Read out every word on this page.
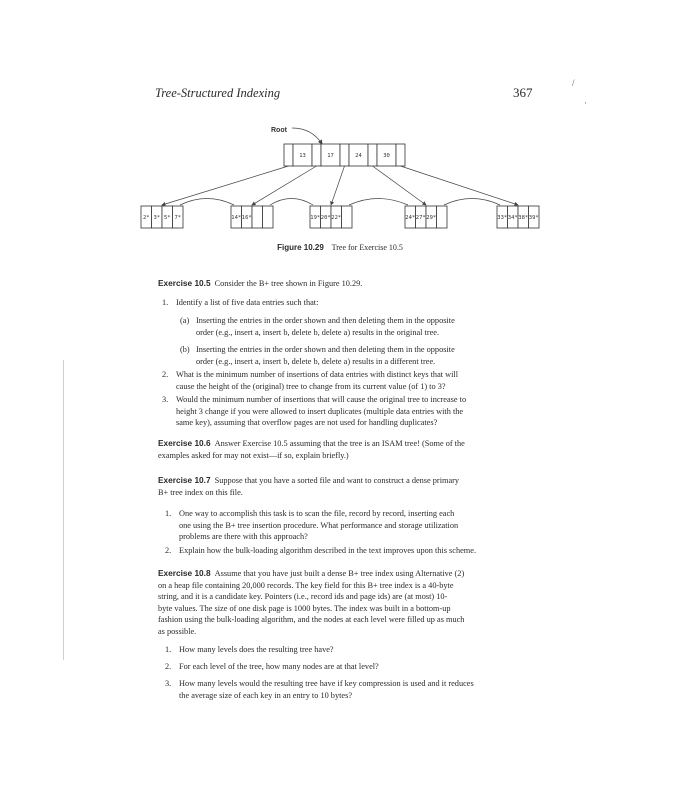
/
·
Tree-Structured Indexing	367
Root
13	17	24	30
2* 3* 5* 7*	14* 16*	19* 20* 22*	24* 27* 29*	33* 34* 38* 39*
Figure 10.29 Tree for Exercise 10.5

Exercise 10.5 Consider the B+ tree shown in Figure 10.29.

1. Identify a list of five data entries such that:
(a) Inserting the entries in the order shown and then deleting them in the opposite
order (e.g., insert a, insert b, delete b, delete a) results in the original tree.
(b) Inserting the entries in the order shown and then deleting them in the opposite
order (e.g., insert a, insert b, delete b, delete a) results in a different tree.
2. What is the minimum number of insertions of data entries with distinct keys that will
cause the height of the (original) tree to change from its current value (of 1) to 3?
3. Would the minimum number of insertions that will cause the original tree to increase to
height 3 change if you were allowed to insert duplicates (multiple data entries with the
same key), assuming that overflow pages are not used for handling duplicates?

Exercise 10.6 Answer Exercise 10.5 assuming that the tree is an ISAM tree! (Some of the

examples asked for may not exist—if so, explain briefly.)

Exercise 10.7 Suppose that you have a sorted file and want to construct a dense primary

B+ tree index on this file.

1. One way to accomplish this task is to scan the file, record by record, inserting each
one using the B+ tree insertion procedure. What performance and storage utilization
problems are there with this approach?
2. Explain how the bulk-loading algorithm described in the text improves upon this scheme.

Exercise 10.8 Assume that you have just built a dense B+ tree index using Alternative (2)

on a heap file containing 20,000 records. The key field for this B+ tree index is a 40-byte

string, and it is a candidate key. Pointers (i.e., record ids and page ids) are (at most) 10-

byte values. The size of one disk page is 1000 bytes. The index was built in a bottom-up

fashion using the bulk-loading algorithm, and the nodes at each level were filled up as much

as possible.

1. How many levels does the resulting tree have?
2. For each level of the tree, how many nodes are at that level?
3. How many levels would the resulting tree have if key compression is used and it reduces
the average size of each key in an entry to 10 bytes?
